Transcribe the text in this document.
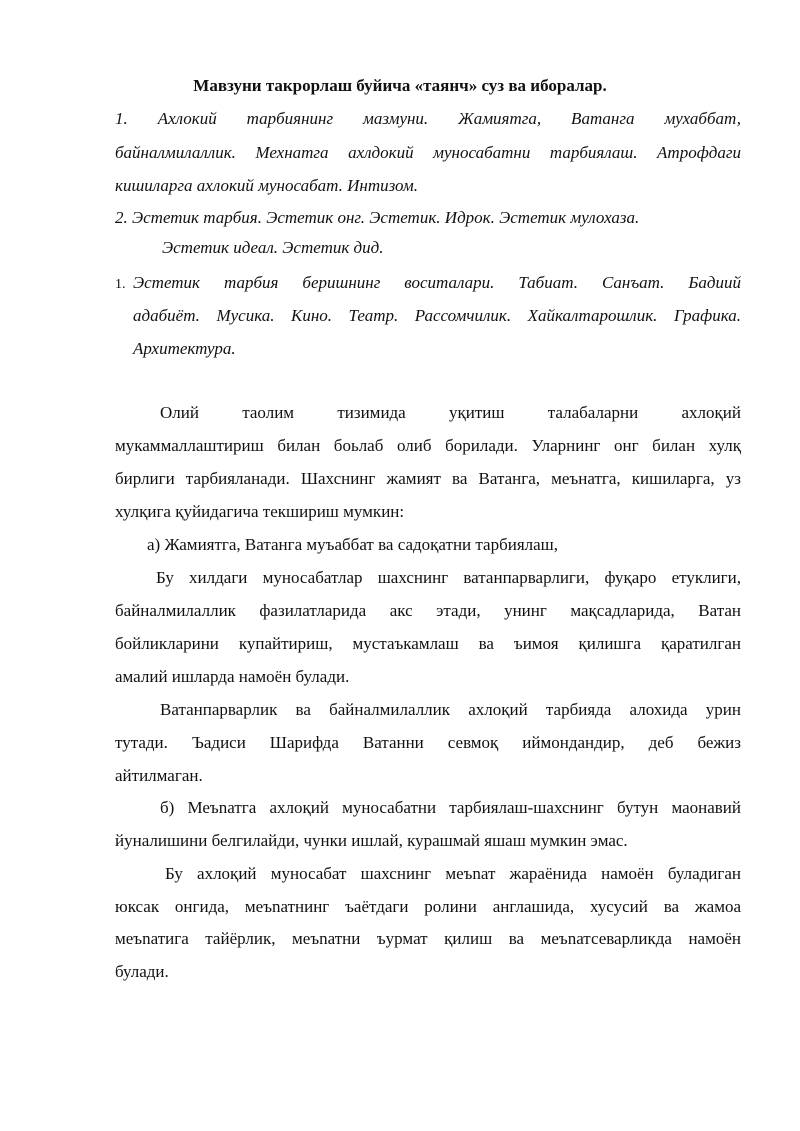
Мавзуни такрорлаш буйича «таянч» суз ва иборалар.
1. Ахлокий тарбиянинг мазмуни. Жамиятга, Ватанга мухаббат,
байналмилаллик. Мехнатга ахлдокий муносабатни тарбиялаш. Атрофдаги
кишиларга ахлокий муносабат. Интизом.
2. Эстетик тарбия. Эстетик онг. Эстетик. Идрок. Эстетик мулохаза.
Эстетик идеал. Эстетик дид.
1. Эстетик тарбия беришнинг воситалари. Табиат. Санъат. Бадиий
адабиёт. Мусика. Кино. Театр. Рассомчилик. Хайкалтарошлик. Графика.
Архитектура.
Олий таолим тизимида уқитиш талабаларни ахлоқий
мукаммаллаштириш билан боьлаб олиб борилади. Уларнинг онг билан хулқ
бирлиги тарбияланади. Шахснинг жамият ва Ватанга, меънатга, кишиларга, уз
хулқига қуйидагича текшириш мумкин:
а) Жамиятга, Ватанга муъаббат ва садоқатни тарбиялаш,
Бу хилдаги муносабатлар шахснинг ватанпарварлиги, фуқаро етуклиги,
байналмилаллик фазилатларида акс этади, унинг мақсадларида, Ватан
бойликларини купайтириш, мустаъкамлаш ва ъимоя қилишга қаратилган
амалий ишларда намоён булади.
Ватанпарварлик ва байналмилаллик ахлоқий тарбияда алохида урин
тутади. Ъадиси Шарифда Ватанни севмоқ иймондандир, деб бежиз
айтилмаган.
б) Меъnатга ахлоқий муносабатни тарбиялаш-шахснинг бутун маонавий
йуналишини белгилайди, чунки ишлай, курашмай яшаш мумкин эмас.
Бу ахлоқий муносабат шахснинг меъnат жараёнида намоён буладиган
юксак онгида, меъnатнинг ъаётдаги ролини англашида, хусусий ва жамоа
меъnатига тайёрлик, меъnатни ъурмат қилиш ва меъnатсеварликда намоён
булади.
